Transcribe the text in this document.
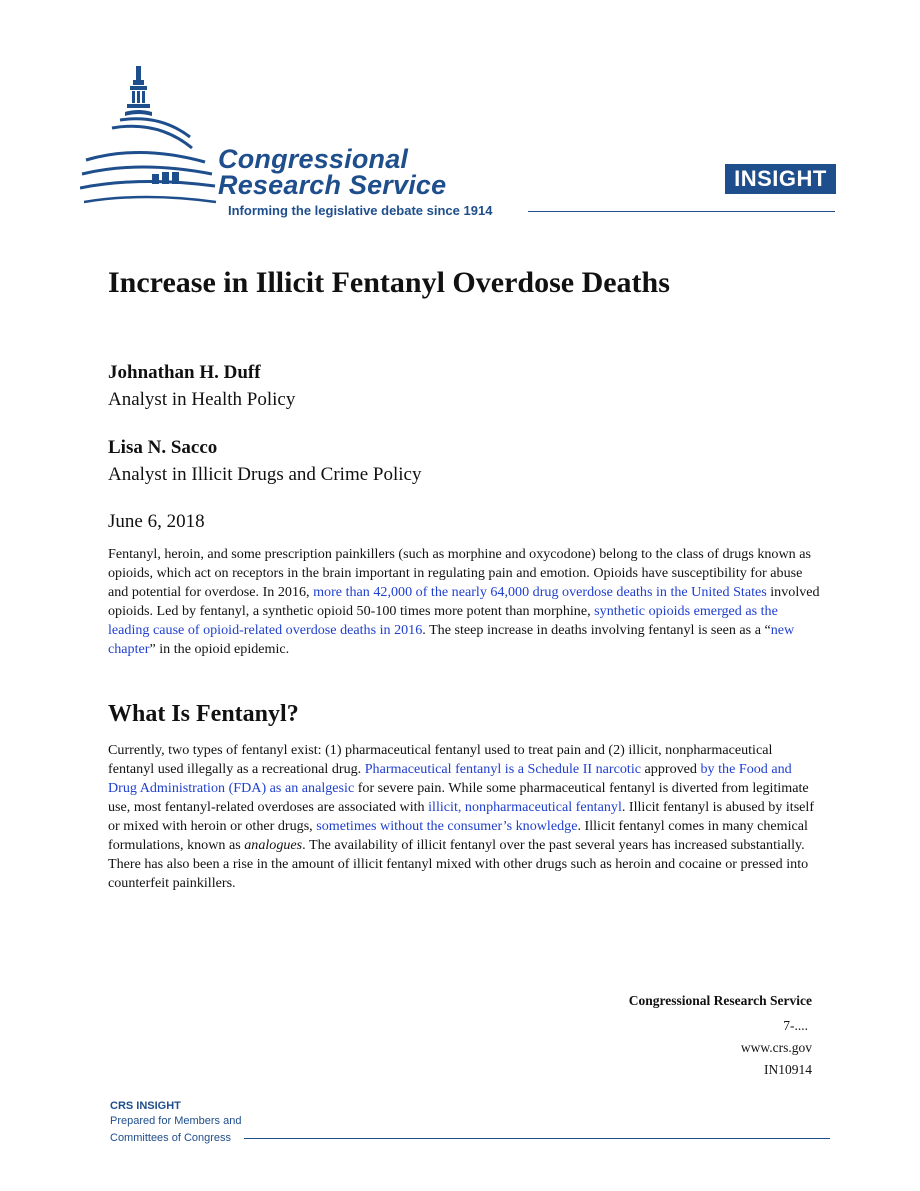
Congressional
Research Service
Informing the legislative debate since 1914
INSIGHT
Increase in Illicit Fentanyl Overdose Deaths

Johnathan H. Duff

Analyst in Health Policy

Lisa N. Sacco

Analyst in Illicit Drugs and Crime Policy

June 6, 2018

Fentanyl, heroin, and some prescription painkillers (such as morphine and oxycodone) belong to the class of drugs known as opioids, which act on receptors in the brain important in regulating pain and emotion. Opioids have susceptibility for abuse and potential for overdose. In 2016, more than 42,000 of the nearly 64,000 drug overdose deaths in the United States involved opioids. Led by fentanyl, a synthetic opioid 50-100 times more potent than morphine, synthetic opioids emerged as the leading cause of opioid-related overdose deaths in 2016. The steep increase in deaths involving fentanyl is seen as a “new chapter” in the opioid epidemic.

What Is Fentanyl?

Currently, two types of fentanyl exist: (1) pharmaceutical fentanyl used to treat pain and (2) illicit, nonpharmaceutical fentanyl used illegally as a recreational drug. Pharmaceutical fentanyl is a Schedule II narcotic approved by the Food and Drug Administration (FDA) as an analgesic for severe pain. While some pharmaceutical fentanyl is diverted from legitimate use, most fentanyl-related overdoses are associated with illicit, nonpharmaceutical fentanyl. Illicit fentanyl is abused by itself or mixed with heroin or other drugs, sometimes without the consumer’s knowledge. Illicit fentanyl comes in many chemical formulations, known as analogues. The availability of illicit fentanyl over the past several years has increased substantially. There has also been a rise in the amount of illicit fentanyl mixed with other drugs such as heroin and cocaine or pressed into counterfeit painkillers.

Congressional Research Service
7-....
www.crs.gov
IN10914
CRS INSIGHT
Prepared for Members and
Committees of Congress
